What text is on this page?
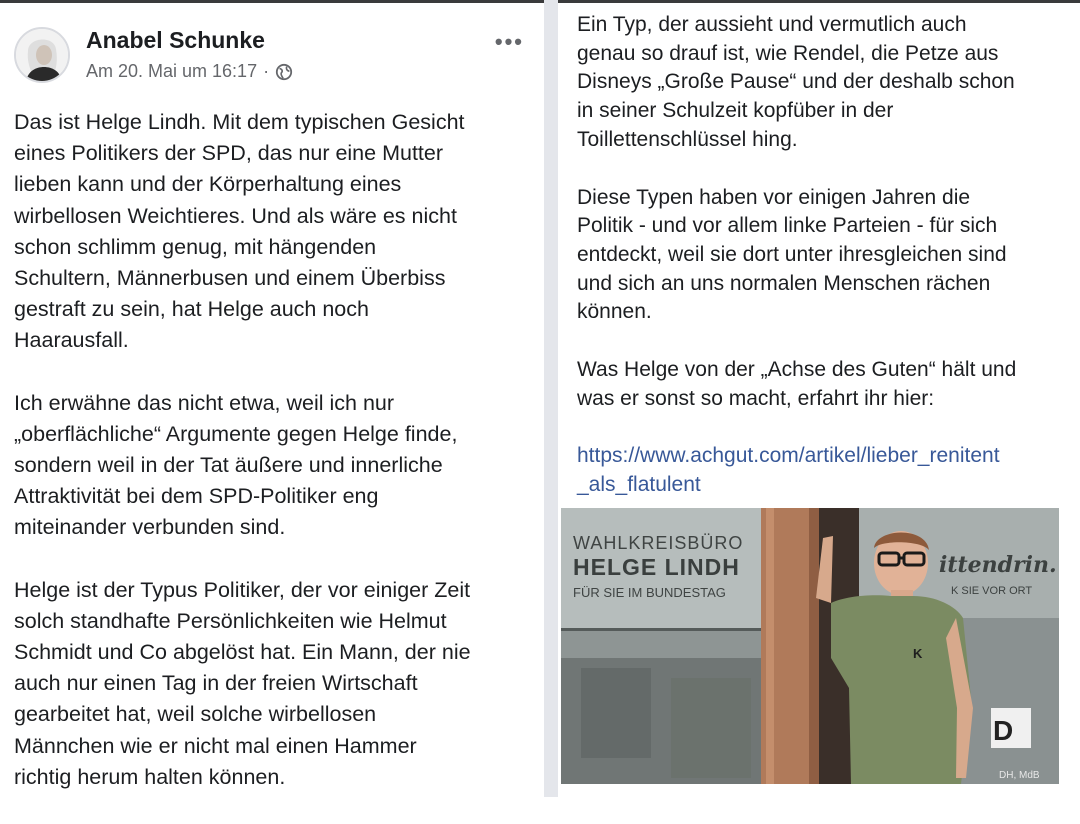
Anabel Schunke
Am 20. Mai um 16:17 ·
•••

Das ist Helge Lindh. Mit dem typischen Gesicht
eines Politikers der SPD, das nur eine Mutter
lieben kann und der Körperhaltung eines
wirbellosen Weichtieres. Und als wäre es nicht
schon schlimm genug, mit hängenden
Schultern, Männerbusen und einem Überbiss
gestraft zu sein, hat Helge auch noch
Haarausfall.

Ich erwähne das nicht etwa, weil ich nur
„oberflächliche“ Argumente gegen Helge finde,
sondern weil in der Tat äußere und innerliche
Attraktivität bei dem SPD-Politiker eng
miteinander verbunden sind.

Helge ist der Typus Politiker, der vor einiger Zeit
solch standhafte Persönlichkeiten wie Helmut
Schmidt und Co abgelöst hat. Ein Mann, der nie
auch nur einen Tag in der freien Wirtschaft
gearbeitet hat, weil solche wirbellosen
Männchen wie er nicht mal einen Hammer
richtig herum halten können.

Ein Typ, der aussieht und vermutlich auch
genau so drauf ist, wie Rendel, die Petze aus
Disneys „Große Pause“ und der deshalb schon
in seiner Schulzeit kopfüber in der
Toillettenschlüssel hing.

Diese Typen haben vor einigen Jahren die
Politik - und vor allem linke Parteien - für sich
entdeckt, weil sie dort unter ihresgleichen sind
und sich an uns normalen Menschen rächen
können.

Was Helge von der „Achse des Guten“ hält und
was er sonst so macht, erfahrt ihr hier:

https://www.achgut.com/artikel/lieber_renitent
_als_flatulent
WAHLKREISBÜRO
HELGE LINDH
FÜR SIE IM BUNDESTAG
ittendrin.
K SIE VOR ORT
D
DH, MdB
K
